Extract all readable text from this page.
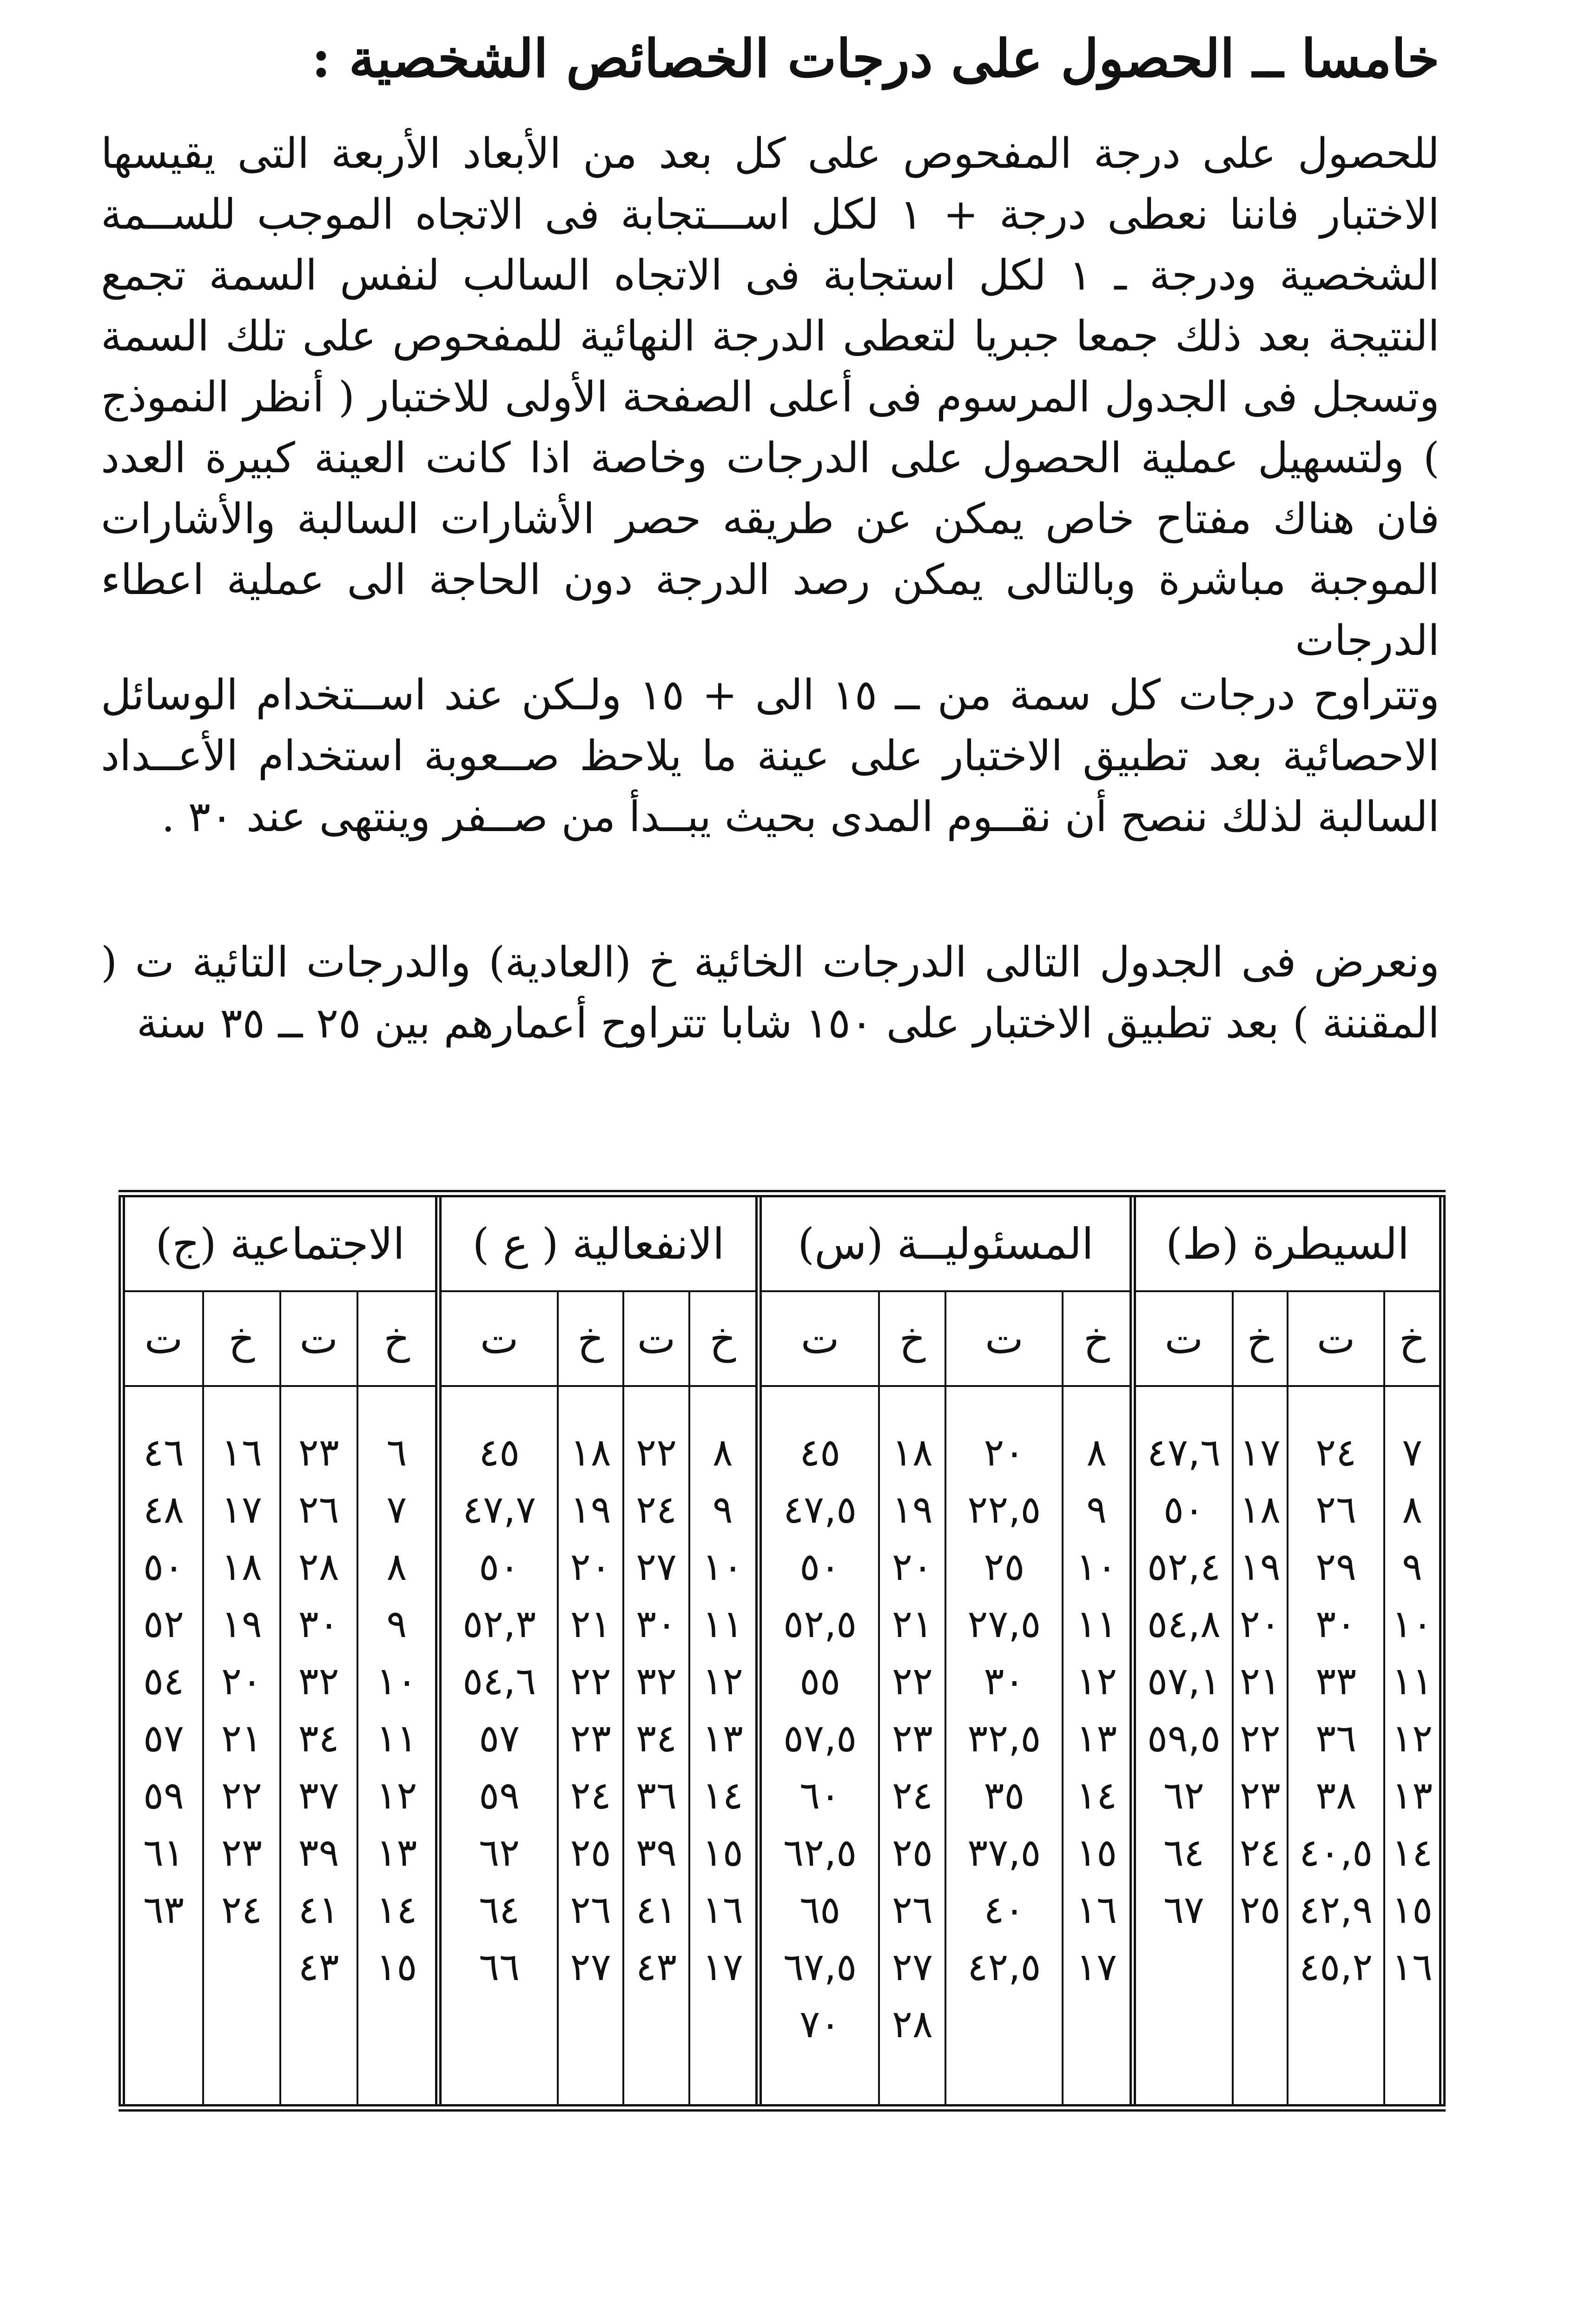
خامسا ــ الحصول على درجات الخصائص الشخصية :

للحصول على درجة المفحوص على كل بعد من الأبعاد الأربعة التى يقيسها الاختبار فاننا نعطى درجة + ١ لكل اســـتجابة فى الاتجاه الموجب للســمة الشخصية ودرجة ـ ١ لكل استجابة فى الاتجاه السالب لنفس السمة تجمع النتيجة بعد ذلك جمعا جبريا لتعطى الدرجة النهائية للمفحوص على تلك السمة وتسجل فى الجدول المرسوم فى أعلى الصفحة الأولى للاختبار ( أنظر النموذج ) ولتسهيل عملية الحصول على الدرجات وخاصة اذا كانت العينة كبيرة العدد فان هناك مفتاح خاص يمكن عن طريقه حصر الأشارات السالبة والأشارات الموجبة مباشرة وبالتالى يمكن رصد الدرجة دون الحاجة الى عملية اعطاء الدرجات

وتتراوح درجات كل سمة من ــ ١٥ الى + ١٥ ولـكن عند اســتخدام الوسائل الاحصائية بعد تطبيق الاختبار على عينة ما يلاحظ صــعوبة استخدام الأعــداد السالبة لذلك ننصح أن نقــوم المدى بحيث يبــدأ من صــفر وينتهى عند ٣٠ .

ونعرض فى الجدول التالى الدرجات الخائية خ (العادية) والدرجات التائية ت ( المقننة ) بعد تطبيق الاختبار على ١٥٠ شابا تتراوح أعمارهم بين ٢٥ ــ ٣٥ سنة

السيطرة (ط)				المسئوليــة (س)				الانفعالية ( ع )				الاجتماعية (ج)			
خ	ت	خ	ت	خ	ت	خ	ت	خ	ت	خ	ت	خ	ت	خ	ت

٧	٢٤	١٧	٤٧,٦	٨	٢٠	١٨	٤٥	٨	٢٢	١٨	٤٥	٦	٢٣	١٦	٤٦
٨	٢٦	١٨	٥٠	٩	٢٢,٥	١٩	٤٧,٥	٩	٢٤	١٩	٤٧,٧	٧	٢٦	١٧	٤٨
٩	٢٩	١٩	٥٢,٤	١٠	٢٥	٢٠	٥٠	١٠	٢٧	٢٠	٥٠	٨	٢٨	١٨	٥٠
١٠	٣٠	٢٠	٥٤,٨	١١	٢٧,٥	٢١	٥٢,٥	١١	٣٠	٢١	٥٢,٣	٩	٣٠	١٩	٥٢
١١	٣٣	٢١	٥٧,١	١٢	٣٠	٢٢	٥٥	١٢	٣٢	٢٢	٥٤,٦	١٠	٣٢	٢٠	٥٤
١٢	٣٦	٢٢	٥٩,٥	١٣	٣٢,٥	٢٣	٥٧,٥	١٣	٣٤	٢٣	٥٧	١١	٣٤	٢١	٥٧
١٣	٣٨	٢٣	٦٢	١٤	٣٥	٢٤	٦٠	١٤	٣٦	٢٤	٥٩	١٢	٣٧	٢٢	٥٩
١٤	٤٠,٥	٢٤	٦٤	١٥	٣٧,٥	٢٥	٦٢,٥	١٥	٣٩	٢٥	٦٢	١٣	٣٩	٢٣	٦١
١٥	٤٢,٩	٢٥	٦٧	١٦	٤٠	٢٦	٦٥	١٦	٤١	٢٦	٦٤	١٤	٤١	٢٤	٦٣
١٦	٤٥,٢			١٧	٤٢,٥	٢٧	٦٧,٥	١٧	٤٣	٢٧	٦٦	١٥	٤٣		
						٢٨	٧٠								
